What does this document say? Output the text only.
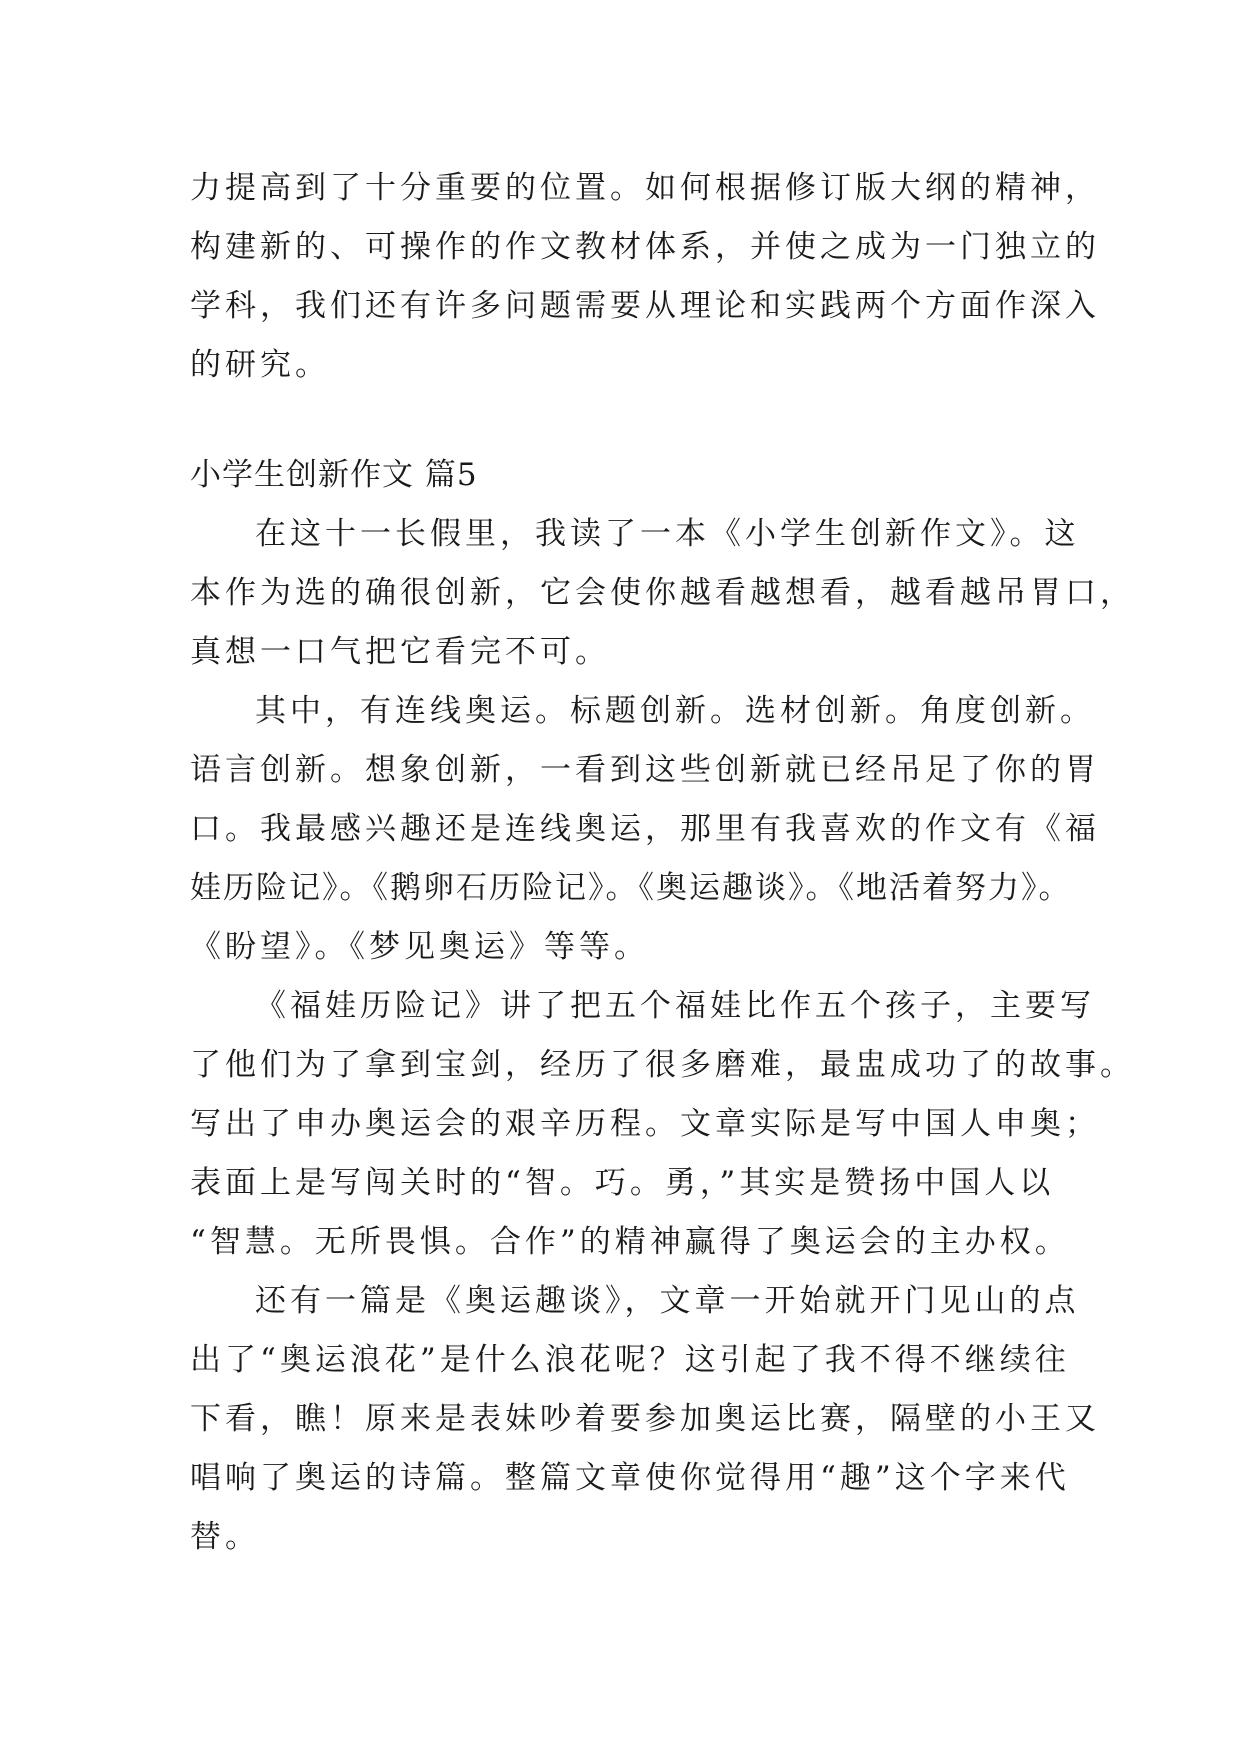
力提高到了十分重要的位置。如何根据修订版大纲的精神，
构建新的、可操作的作文教材体系，并使之成为一门独立的
学科，我们还有许多问题需要从理论和实践两个方面作深入
的研究。
小学生创新作文 篇5
在这十一长假里，我读了一本《小学生创新作文》。这
本作为选的确很创新，它会使你越看越想看，越看越吊胃口，
真想一口气把它看完不可。
其中，有连线奥运。标题创新。选材创新。角度创新。
语言创新。想象创新，一看到这些创新就已经吊足了你的胃
口。我最感兴趣还是连线奥运，那里有我喜欢的作文有《福
娃历险记》。《鹅卵石历险记》。《奥运趣谈》。《地活着努力》。
《盼望》。《梦见奥运》等等。
《福娃历险记》讲了把五个福娃比作五个孩子，主要写
了他们为了拿到宝剑，经历了很多磨难，最盅成功了的故事。
写出了申办奥运会的艰辛历程。文章实际是写中国人申奥；
表面上是写闯关时的“智。巧。勇，”其实是赞扬中国人以
“智慧。无所畏惧。合作”的精神赢得了奥运会的主办权。
还有一篇是《奥运趣谈》，文章一开始就开门见山的点
出了“奥运浪花”是什么浪花呢？这引起了我不得不继续往
下看，瞧！原来是表妹吵着要参加奥运比赛，隔壁的小王又
唱响了奥运的诗篇。整篇文章使你觉得用“趣”这个字来代
替。
